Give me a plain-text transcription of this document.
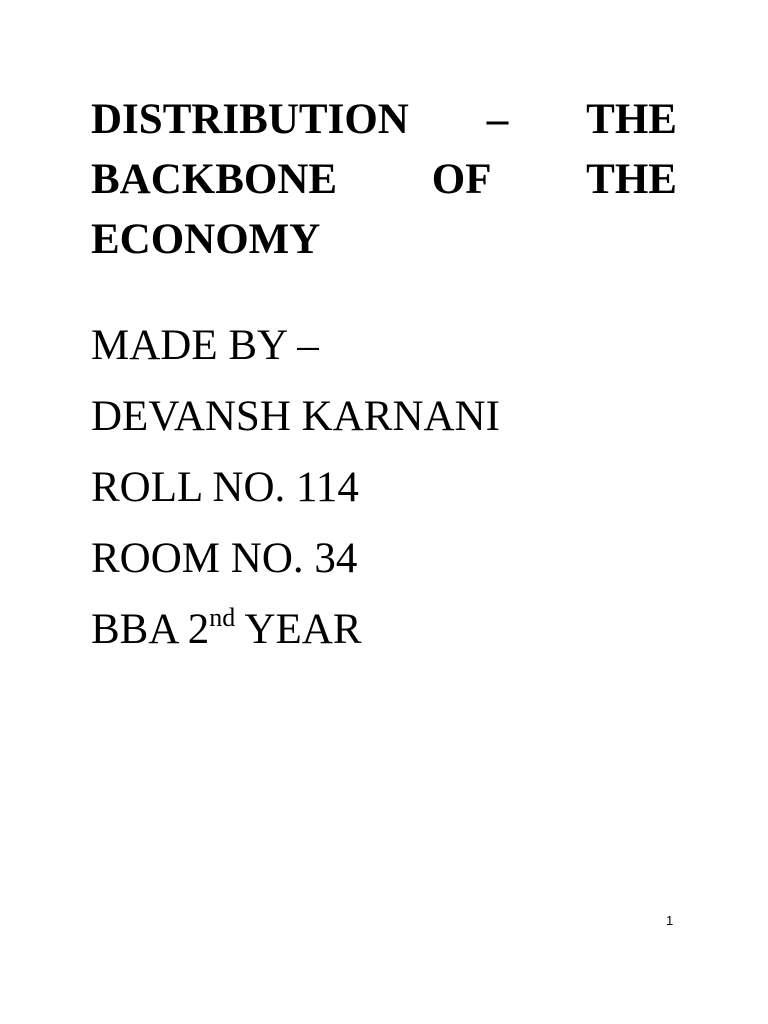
DISTRIBUTION – THE
BACKBONE OF THE
ECONOMY
MADE BY –
DEVANSH KARNANI
ROLL NO. 114
ROOM NO. 34
BBA 2nd YEAR
1
